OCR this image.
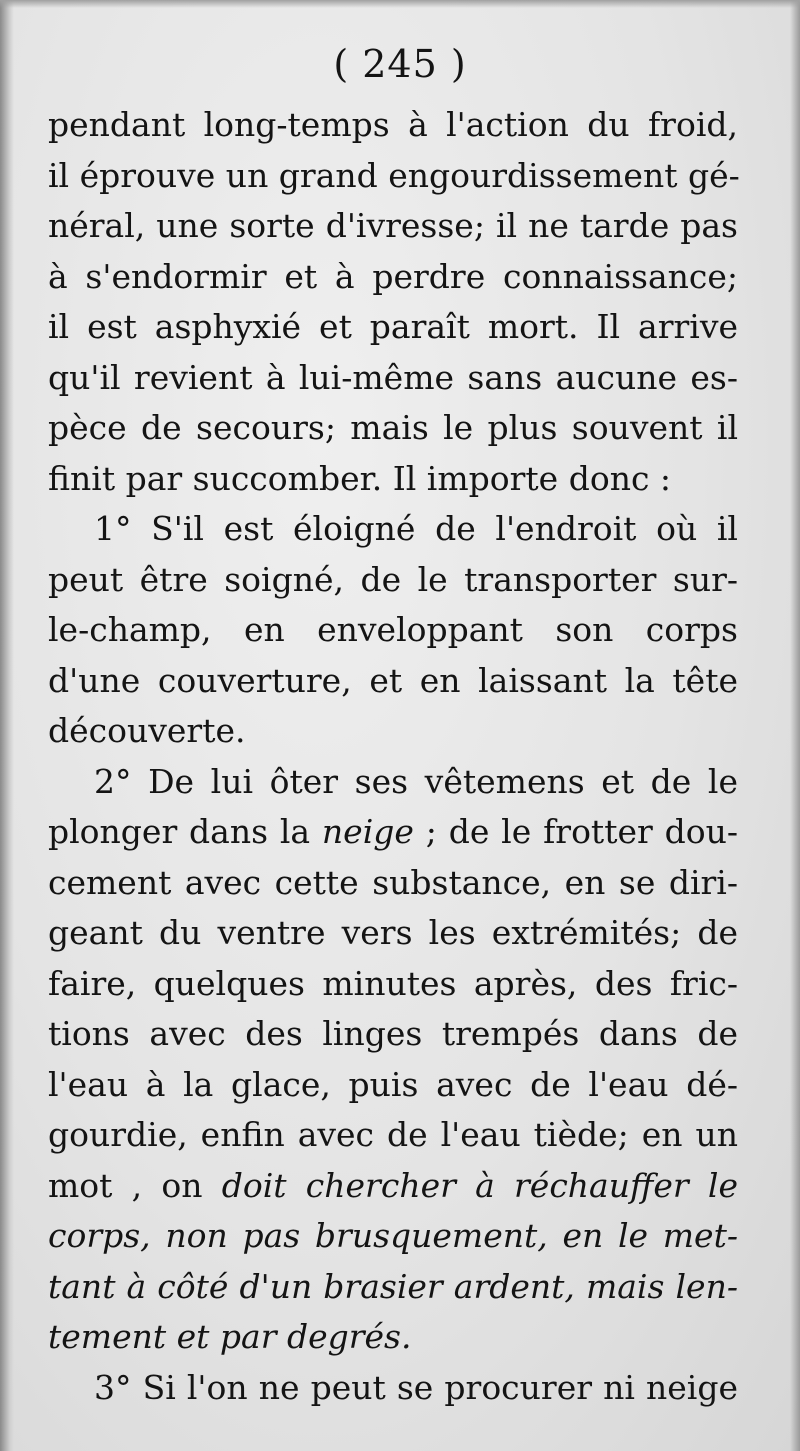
( 245 )
pendant long-temps à l'action du froid,
il éprouve un grand engourdissement gé-
néral, une sorte d'ivresse; il ne tarde pas
à s'endormir et à perdre connaissance;
il est asphyxié et paraît mort. Il arrive
qu'il revient à lui-même sans aucune es-
pèce de secours; mais le plus souvent il
finit par succomber. Il importe donc :
1° S'il est éloigné de l'endroit où il
peut être soigné, de le transporter sur-
le-champ, en enveloppant son corps
d'une couverture, et en laissant la tête
découverte.
2° De lui ôter ses vêtemens et de le
plonger dans la neige ; de le frotter dou-
cement avec cette substance, en se diri-
geant du ventre vers les extrémités; de
faire, quelques minutes après, des fric-
tions avec des linges trempés dans de
l'eau à la glace, puis avec de l'eau dé-
gourdie, enfin avec de l'eau tiède; en un
mot , on doit chercher à réchauffer le
corps, non pas brusquement, en le met-
tant à côté d'un brasier ardent, mais len-
tement et par degrés.
3° Si l'on ne peut se procurer ni neige
